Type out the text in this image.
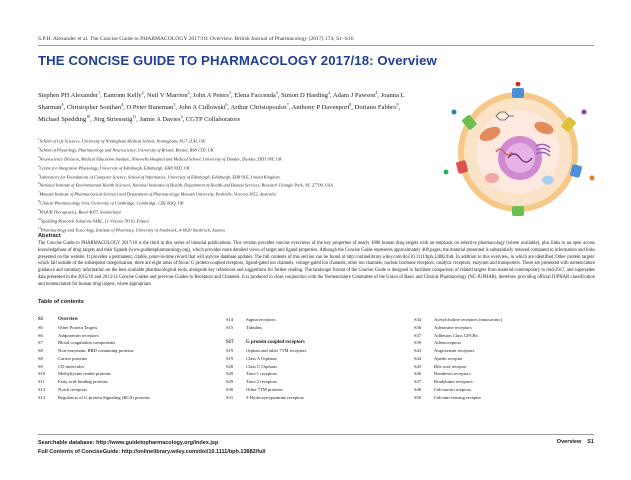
S.P.H. Alexander et al. The Concise Guide to PHARMACOLOGY 2017/18: Overview. British Journal of Pharmacology (2017) 174, S1–S16
THE CONCISE GUIDE TO PHARMACOLOGY 2017/18: Overview

Stephen PH Alexander$^1$, Eamonn Kelly$^2$, Neil V Marrion$^2$, John A Peters$^3$, Elena Faccenda$^4$, Simon D Harding$^4$, Adam J Pawson$^4$, Joanna L Sharman$^4$, Christopher Southan$^4$, O Peter Buneman$^5$, John A Cidlowski$^6$, Arthur Christopoulos$^7$, Anthony P Davenport$^8$, Doriano Fabbro$^9$, Michael Spedding$^{10}$, Jörg Striessnig$^{11}$, Jamie A Davies$^4$, CGTP Collaborators

$^1$School of Life Sciences, University of Nottingham Medical School, Nottingham, NG7 2UH, UK
$^2$School of Physiology, Pharmacology and Neuroscience, University of Bristol, Bristol, BS8 1TD, UK
$^3$Neuroscience Division, Medical Education Institute, Ninewells Hospital and Medical School, University of Dundee, Dundee, DD1 9SY, UK
$^4$Centre for Integrative Physiology, University of Edinburgh, Edinburgh, EH8 9XD, UK
$^5$Laboratory for Foundations of Computer Science, School of Informatics, University of Edinburgh, Edinburgh, EH8 9LE, United Kingdom
$^6$National Institute of Environmental Health Sciences, National Institutes of Health, Department of Health and Human Services, Research Triangle Park, NC 27709, USA
$^7$Monash Institute of Pharmaceutical Sciences and Department of Pharmacology, Monash University, Parkville, Victoria 3052, Australia
$^8$Clinical Pharmacology Unit, University of Cambridge, Cambridge, CB2 0QQ, UK
$^9$PIQUR Therapeutics, Basel 4057, Switzerland
$^{10}$Spedding Research Solutions SARL, Le Vésinet 78110, France
$^{11}$Pharmacology and Toxicology, Institute of Pharmacy, University of Innsbruck, A-6020 Innsbruck, Austria
Abstract

The Concise Guide to PHARMACOLOGY 2017/18 is the third in this series of biennial publications. This version provides concise overviews of the key properties of nearly 1800 human drug targets with an emphasis on selective pharmacology (where available), plus links to an open access knowledgebase of drug targets and their ligands (www.guidetopharmacology.org), which provides more detailed views of target and ligand properties. Although the Concise Guide represents approximately 400 pages, the material presented is substantially reduced compared to information and links presented on the website. It provides a permanent, citable, point-in-time record that will survive database updates. The full contents of this section can be found at http://onlinelibrary.wiley.com/doi/10.1111/bph.13882/full. In addition to this overview, in which are identified 'Other protein targets' which fall outside of the subsequent categorisation, there are eight areas of focus: G protein-coupled receptors, ligand-gated ion channels, voltage-gated ion channels, other ion channels, nuclear hormone receptors, catalytic receptors, enzymes and transporters. These are presented with nomenclature guidance and summary information on the best available pharmacological tools, alongside key references and suggestions for further reading. The landscape format of the Concise Guide is designed to facilitate comparison of related targets from material contemporary to mid-2017, and supersedes data presented in the 2015/16 and 2013/14 Concise Guides and previous Guides to Receptors and Channels. It is produced in close conjunction with the Nomenclature Committee of the Union of Basic and Clinical Pharmacology (NC-IUPHAR), therefore, providing official IUPHAR classification and nomenclature for human drug targets, where appropriate.

Table of contents
S1	Overview
S6	Other Protein Targets
S6	Adiponectin receptors
S7	Blood coagulation components
S8	Non-enzymatic BRD containing proteins
S8	Carrier proteins
S9	CD molecules
S10	Methyllysine reader proteins
S11	Fatty acid-binding proteins
S13	Notch receptors
S13	Regulators of G-protein Signaling (RGS) proteins
S14	Sigma receptors
S15	Tubulins

S17	G protein-coupled receptors
S19	Orphan and other 7TM receptors
S19	Class A Orphans
S28	Class C Orphans
S28	Taste 1 receptors
S29	Taste 2 receptors
S30	Other 7TM proteins
S31	5-Hydroxytryptamine receptors
S34	Acetylcholine receptors (muscarinic)
S36	Adenosine receptors
S37	Adhesion Class GPCRs
S39	Adrenoceptors
S43	Angiotensin receptors
S44	Apelin receptor
S45	Bile acid receptor
S46	Bombesin receptors
S47	Bradykinin receptors
S48	Calcitonin receptors
S50	Calcium-sensing receptor
Searchable database: http://www.guidetopharmacology.org/index.jsp
Full Contents of ConciseGuide: http://onlinelibrary.wiley.com/doi/10.1111/bph.13882/full
Overview S1
